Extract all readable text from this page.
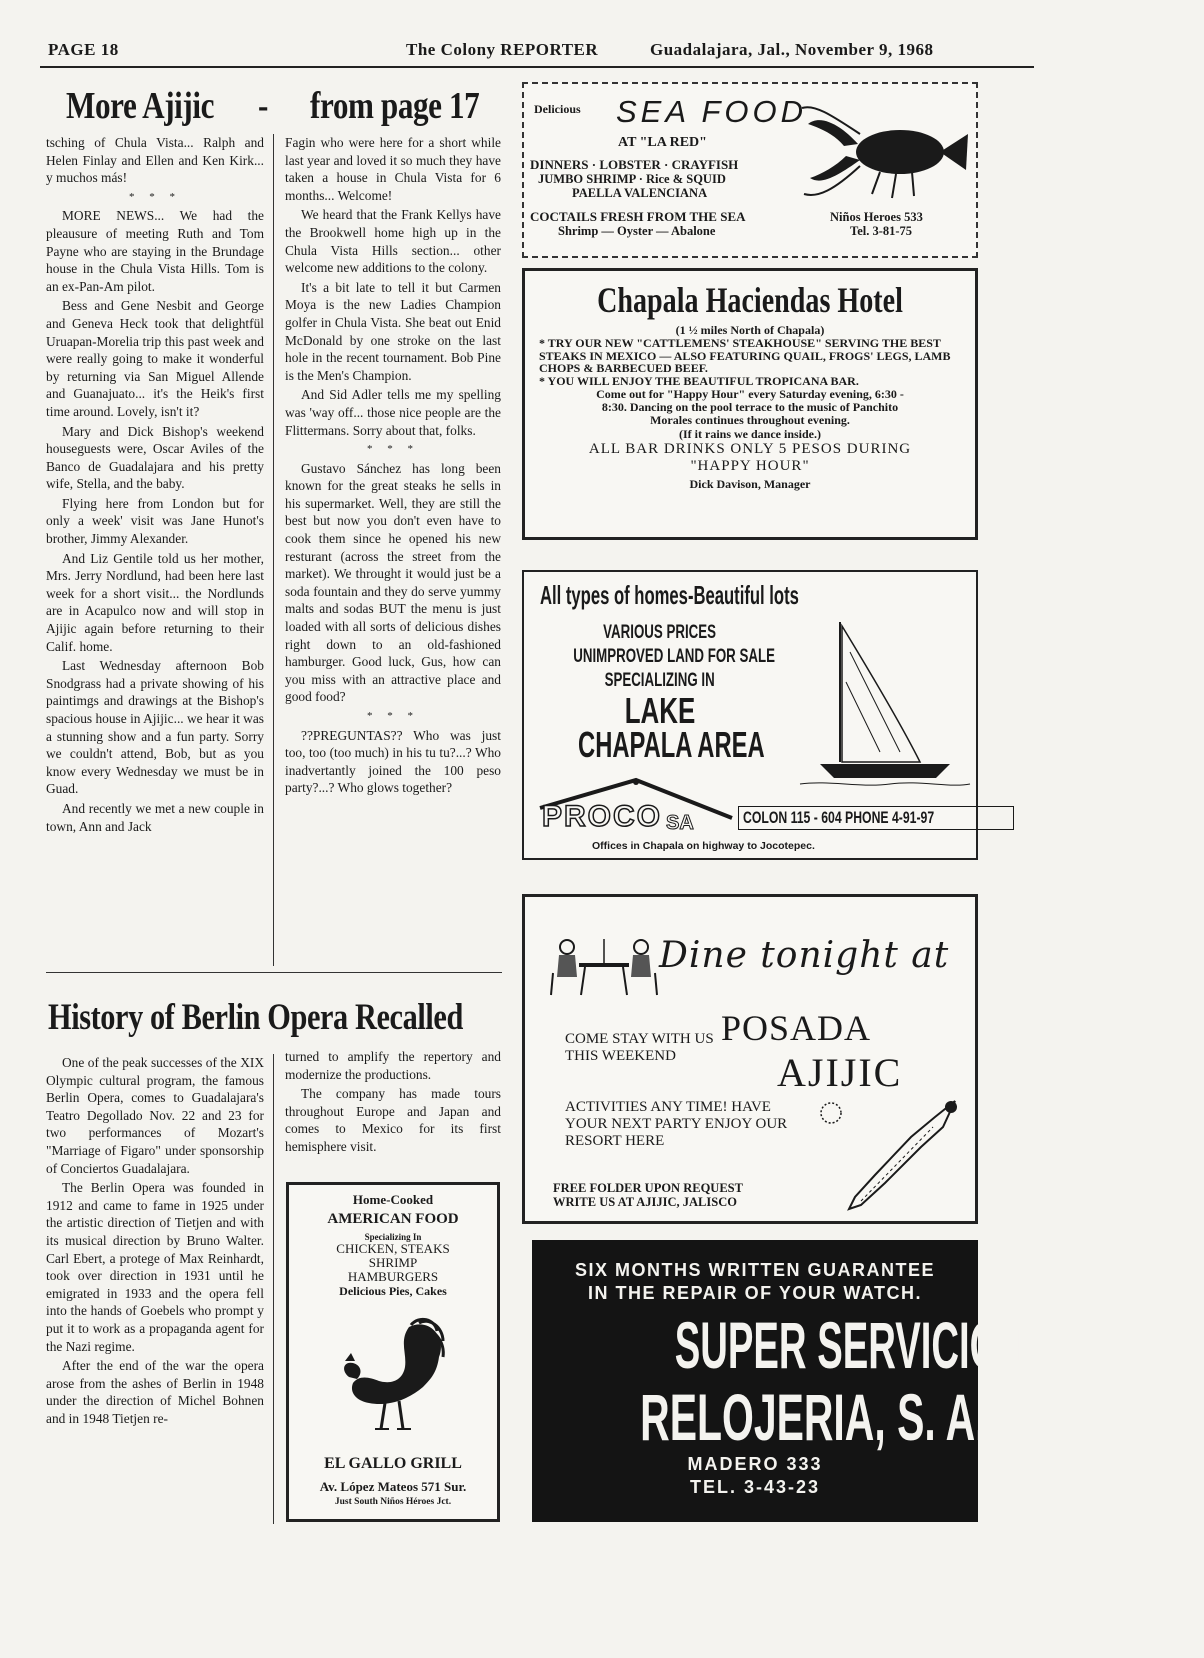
PAGE 18	The Colony REPORTER	Guadalajara, Jal., November 9, 1968
More Ajijic - from page 17

tsching of Chula Vista... Ralph and Helen Finlay and Ellen and Ken Kirk... y muchos más!

* * *

MORE NEWS... We had the pleausure of meeting Ruth and Tom Payne who are staying in the Brundage house in the Chula Vista Hills. Tom is an ex-Pan-Am pilot.

Bess and Gene Nesbit and George and Geneva Heck took that delightfül Uruapan-Morelia trip this past week and were really going to make it wonderful by returning via San Miguel Allende and Guanajuato... it's the Heik's first time around. Lovely, isn't it?

Mary and Dick Bishop's weekend houseguests were, Oscar Aviles of the Banco de Guadalajara and his pretty wife, Stella, and the baby.

Flying here from London but for only a week' visit was Jane Hunot's brother, Jimmy Alexander.

And Liz Gentile told us her mother, Mrs. Jerry Nordlund, had been here last week for a short visit... the Nordlunds are in Acapulco now and will stop in Ajijic again before returning to their Calif. home.

Last Wednesday afternoon Bob Snodgrass had a private showing of his paintimgs and drawings at the Bishop's spacious house in Ajijic... we hear it was a stunning show and a fun party. Sorry we couldn't attend, Bob, but as you know every Wednesday we must be in Guad.

And recently we met a new couple in town, Ann and Jack

Fagin who were here for a short while last year and loved it so much they have taken a house in Chula Vista for 6 months... Welcome!

We heard that the Frank Kellys have the Brookwell home high up in the Chula Vista Hills section... other welcome new additions to the colony.

It's a bit late to tell it but Carmen Moya is the new Ladies Champion golfer in Chula Vista. She beat out Enid McDonald by one stroke on the last hole in the recent tournament. Bob Pine is the Men's Champion.

And Sid Adler tells me my spelling was 'way off... those nice people are the Flittermans. Sorry about that, folks.

* * *

Gustavo Sánchez has long been known for the great steaks he sells in his supermarket. Well, they are still the best but now you don't even have to cook them since he opened his new resturant (across the street from the market). We throught it would just be a soda fountain and they do serve yummy malts and sodas BUT the menu is just loaded with all sorts of delicious dishes right down to an old-fashioned hamburger. Good luck, Gus, how can you miss with an attractive place and good food?

* * *

??PREGUNTAS?? Who was just too, too (too much) in his tu tu?...? Who inadvertantly joined the 100 peso party?...? Who glows together?

History of Berlin Opera Recalled

One of the peak successes of the XIX Olympic cultural program, the famous Berlin Opera, comes to Guadalajara's Teatro Degollado Nov. 22 and 23 for two performances of Mozart's "Marriage of Figaro" under sponsorship of Conciertos Guadalajara.

The Berlin Opera was founded in 1912 and came to fame in 1925 under the artistic direction of Tietjen and with its musical direction by Bruno Walter. Carl Ebert, a protege of Max Reinhardt, took over direction in 1931 until he emigrated in 1933 and the opera fell into the hands of Goebels who prompt y put it to work as a propaganda agent for the Nazi regime.

After the end of the war the opera arose from the ashes of Berlin in 1948 under the direction of Michel Bohnen and in 1948 Tietjen re-

turned to amplify the repertory and modernize the productions.

The company has made tours throughout Europe and Japan and comes to Mexico for its first hemisphere visit.

Home-Cooked
AMERICAN FOOD
Specializing In
CHICKEN, STEAKS
SHRIMP
HAMBURGERS
Delicious Pies, Cakes
EL GALLO GRILL
Av. López Mateos 571 Sur.
Just South Niños Héroes Jct.
Delicious SEA FOOD
AT "LA RED"
DINNERS · LOBSTER · CRAYFISH
JUMBO SHRIMP · Rice & SQUID
PAELLA VALENCIANA
COCTAILS FRESH FROM THE SEA
Shrimp — Oyster — Abalone
Niños Heroes 533
Tel. 3-81-75
Chapala Haciendas Hotel
(1 ½ miles North of Chapala)
* TRY OUR NEW "CATTLEMENS' STEAKHOUSE" SERVING THE BEST STEAKS IN MEXICO — ALSO FEATURING QUAIL, FROGS' LEGS, LAMB CHOPS & BARBECUED BEEF.
* YOU WILL ENJOY THE BEAUTIFUL TROPICANA BAR.
Come out for "Happy Hour" every Saturday evening, 6:30 - 8:30. Dancing on the pool terrace to the music of Panchito Morales continues throughout evening.
(If it rains we dance inside.)
ALL BAR DRINKS ONLY 5 PESOS DURING
"HAPPY HOUR"
Dick Davison, Manager
All types of homes-Beautiful lots
VARIOUS PRICES
UNIMPROVED LAND FOR SALE
SPECIALIZING IN
LAKE
CHAPALA AREA
PROCO SA	COLON 115 - 604 PHONE 4-91-97
Offices in Chapala on highway to Jocotepec.
Dine tonight at
POSADA
AJIJIC
COME STAY WITH US THIS WEEKEND
ACTIVITIES ANY TIME! HAVE YOUR NEXT PARTY ENJOY OUR RESORT HERE
FREE FOLDER UPON REQUEST
WRITE US AT AJIJIC, JALISCO
SIX MONTHS WRITTEN GUARANTEE
IN THE REPAIR OF YOUR WATCH.
SUPER SERVICIO DE
RELOJERIA, S. A.
MADERO 333
TEL. 3-43-23
